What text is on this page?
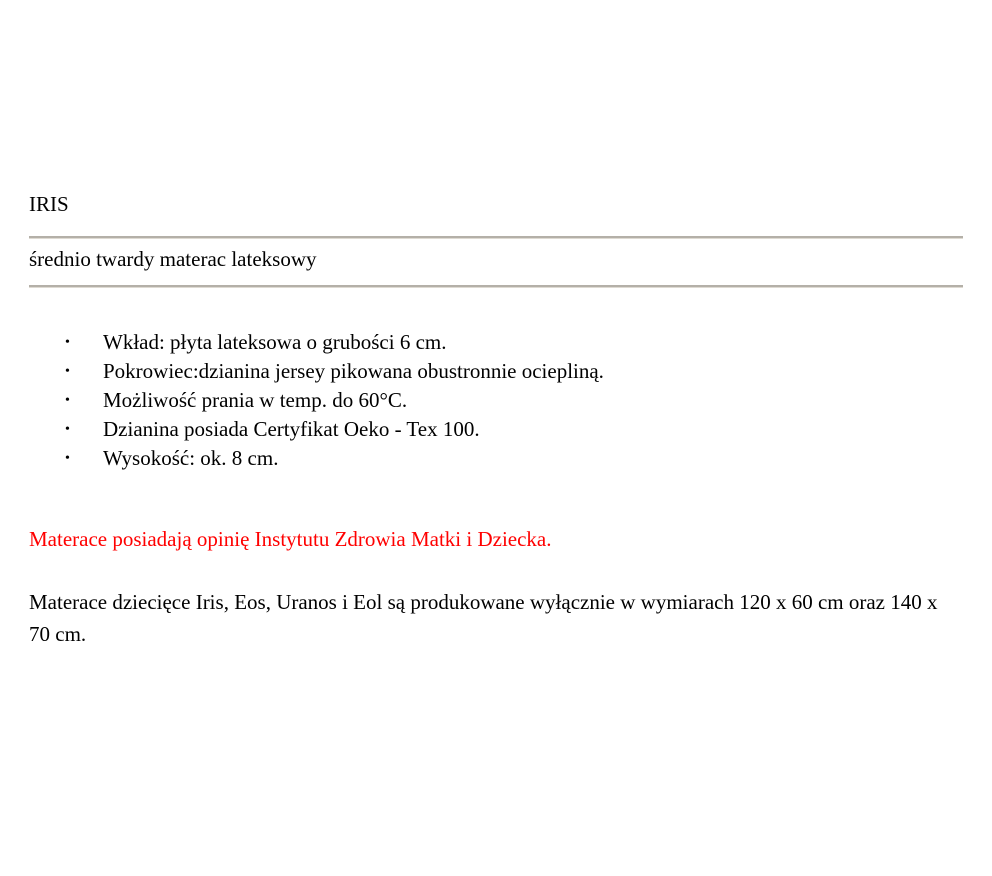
IRIS

średnio twardy materac lateksowy

• Wkład: płyta lateksowa o grubości 6 cm.
• Pokrowiec:dzianina jersey pikowana obustronnie ociepliną.
• Możliwość prania w temp. do 60°C.
• Dzianina posiada Certyfikat Oeko - Tex 100.
• Wysokość: ok. 8 cm.

Materace posiadają opinię Instytutu Zdrowia Matki i Dziecka.

Materace dziecięce Iris, Eos, Uranos i Eol są produkowane wyłącznie w wymiarach 120 x 60 cm oraz 140 x 70 cm.
